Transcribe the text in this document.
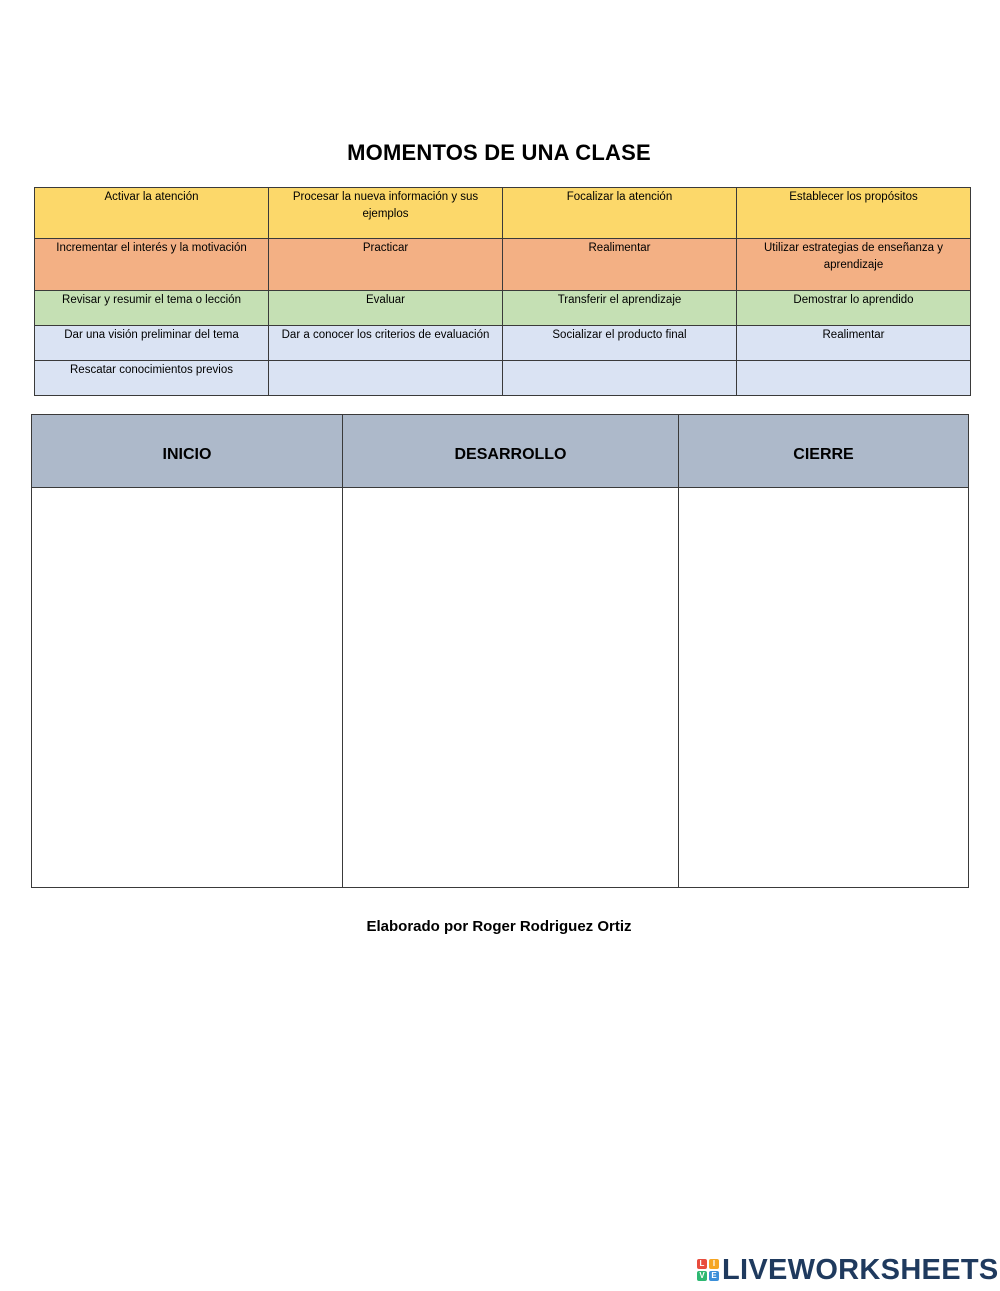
MOMENTOS DE UNA CLASE
Activar la atención	Procesar la nueva información y sus ejemplos	Focalizar la atención	Establecer los propósitos
Incrementar el interés y la motivación	Practicar	Realimentar	Utilizar estrategias de enseñanza y aprendizaje
Revisar y resumir el tema o lección	Evaluar	Transferir el aprendizaje	Demostrar lo aprendido
Dar una visión preliminar del tema	Dar a conocer los criterios de evaluación	Socializar el producto final	Realimentar
Rescatar conocimientos previos			
INICIO	DESARROLLO	CIERRE

Elaborado por Roger Rodriguez Ortiz
L	I
V E LIVEWORKSHEETS
